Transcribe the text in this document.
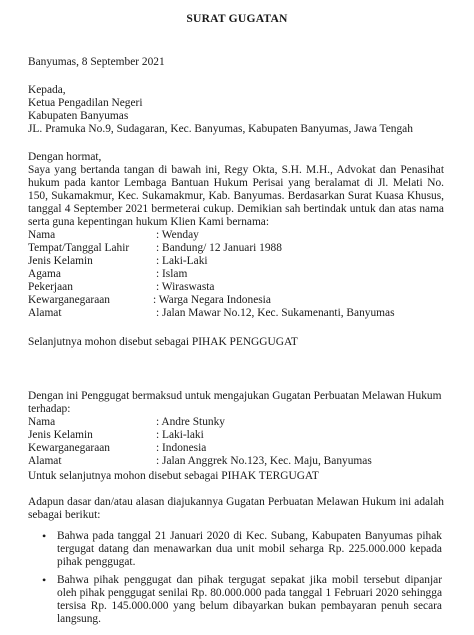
SURAT GUGATAN
Banyumas, 8 September 2021
Kepada,
Ketua Pengadilan Negeri
Kabupaten Banyumas
JL. Pramuka No.9, Sudagaran, Kec. Banyumas, Kabupaten Banyumas, Jawa Tengah
Dengan hormat,
Saya yang bertanda tangan di bawah ini, Regy Okta, S.H. M.H., Advokat dan Penasihat hukum pada kantor Lembaga Bantuan Hukum Perisai yang beralamat di Jl. Melati No. 150, Sukamakmur, Kec. Sukamakmur, Kab. Banyumas. Berdasarkan Surat Kuasa Khusus, tanggal 4 September 2021 bermeterai cukup. Demikian sah bertindak untuk dan atas nama serta guna kepentingan hukum Klien Kami bernama:
Nama	: Wenday
Tempat/Tanggal Lahir : Bandung/ 12 Januari 1988
Jenis Kelamin	: Laki-Laki
Agama	: Islam
Pekerjaan	: Wiraswasta
Kewarganegaraan	: Warga Negara Indonesia
Alamat	: Jalan Mawar No.12, Kec. Sukamenanti, Banyumas
Selanjutnya mohon disebut sebagai PIHAK PENGGUGAT
Dengan ini Penggugat bermaksud untuk mengajukan Gugatan Perbuatan Melawan Hukum
terhadap:
Nama	: Andre Stunky
Jenis Kelamin	: Laki-laki
Kewarganegaraan	: Indonesia
Alamat	: Jalan Anggrek No.123, Kec. Maju, Banyumas
Untuk selanjutnya mohon disebut sebagai PIHAK TERGUGAT
Adapun dasar dan/atau alasan diajukannya Gugatan Perbuatan Melawan Hukum ini adalah sebagai berikut:
• Bahwa pada tanggal 21 Januari 2020 di Kec. Subang, Kabupaten Banyumas pihak tergugat datang dan menawarkan dua unit mobil seharga Rp. 225.000.000 kepada pihak penggugat.
• Bahwa pihak penggugat dan pihak tergugat sepakat jika mobil tersebut dipanjar oleh pihak penggugat senilai Rp. 80.000.000 pada tanggal 1 Februari 2020 sehingga tersisa Rp. 145.000.000 yang belum dibayarkan bukan pembayaran penuh secara langsung.
